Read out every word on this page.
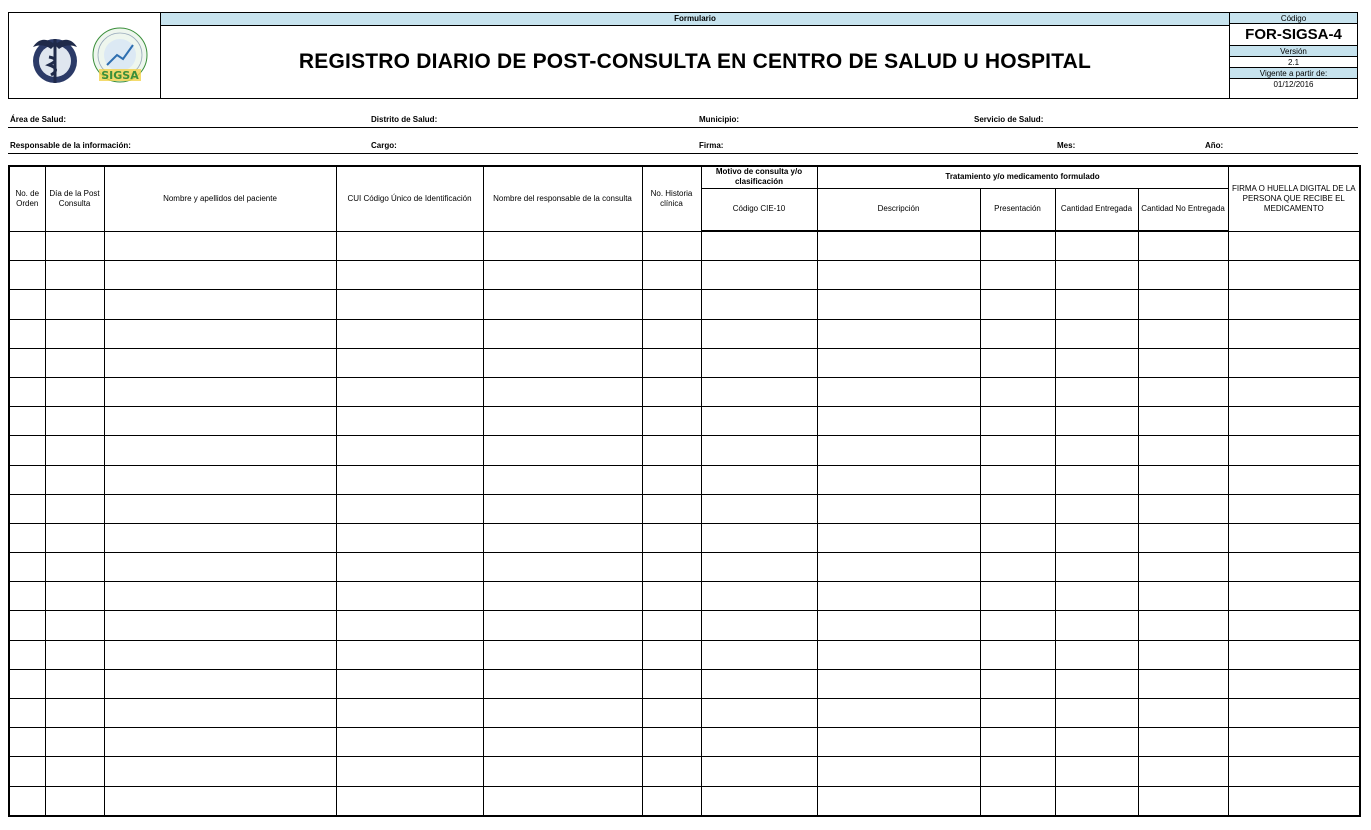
SIGSA
Formulario
REGISTRO DIARIO DE POST-CONSULTA EN CENTRO DE SALUD U HOSPITAL
Código
FOR-SIGSA-4
Versión
2.1
Vigente a partir de:
01/12/2016
Área de Salud:	Distrito de Salud:	Municipio:	Servicio de Salud:
Responsable de la información:	Cargo:	Firma:	Mes:	Año:
No. de Orden	Día de la Post Consulta	Nombre y apellidos del paciente	CUI Código Único de Identificación	Nombre del responsable de la consulta	No. Historia clínica	Motivo de consulta y/o clasificación	Tratamiento y/o medicamento formulado				FIRMA O HUELLA DIGITAL DE LA PERSONA QUE RECIBE EL MEDICAMENTO
						Código CIE-10	Descripción	Presentación	Cantidad Entregada	Cantidad No Entregada	
